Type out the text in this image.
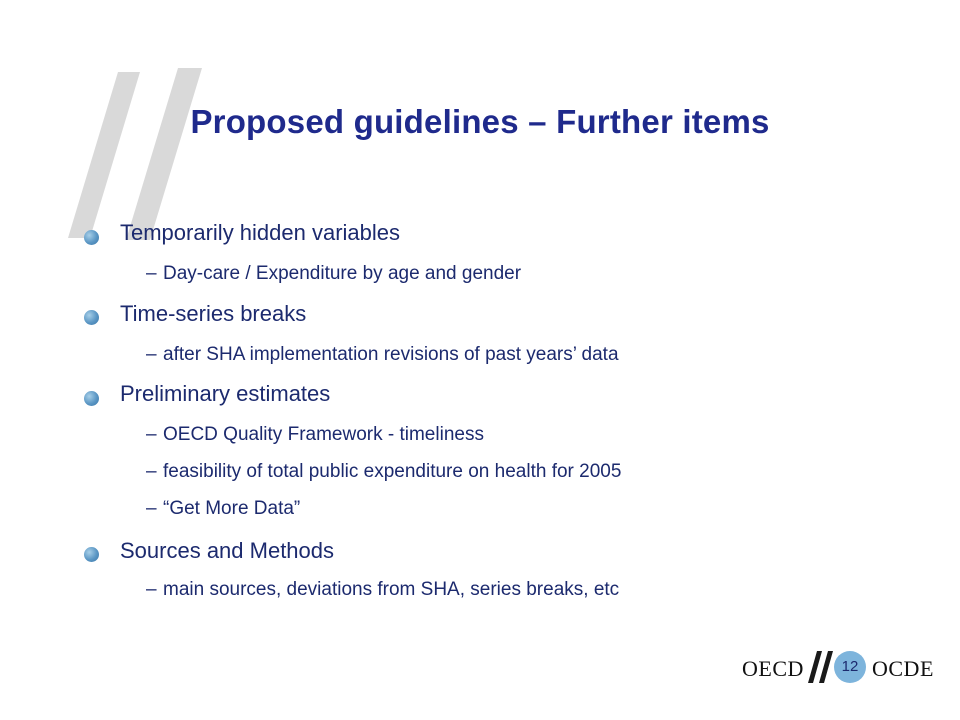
Proposed guidelines – Further items
Temporarily hidden variables
– Day-care / Expenditure by age and gender
Time-series breaks
– after SHA implementation revisions of past years’ data
Preliminary estimates
– OECD Quality Framework - timeliness
– feasibility of total public expenditure on health for 2005
– “Get More Data”
Sources and Methods
– main sources, deviations from SHA, series breaks, etc
OECD	12 OCDE
